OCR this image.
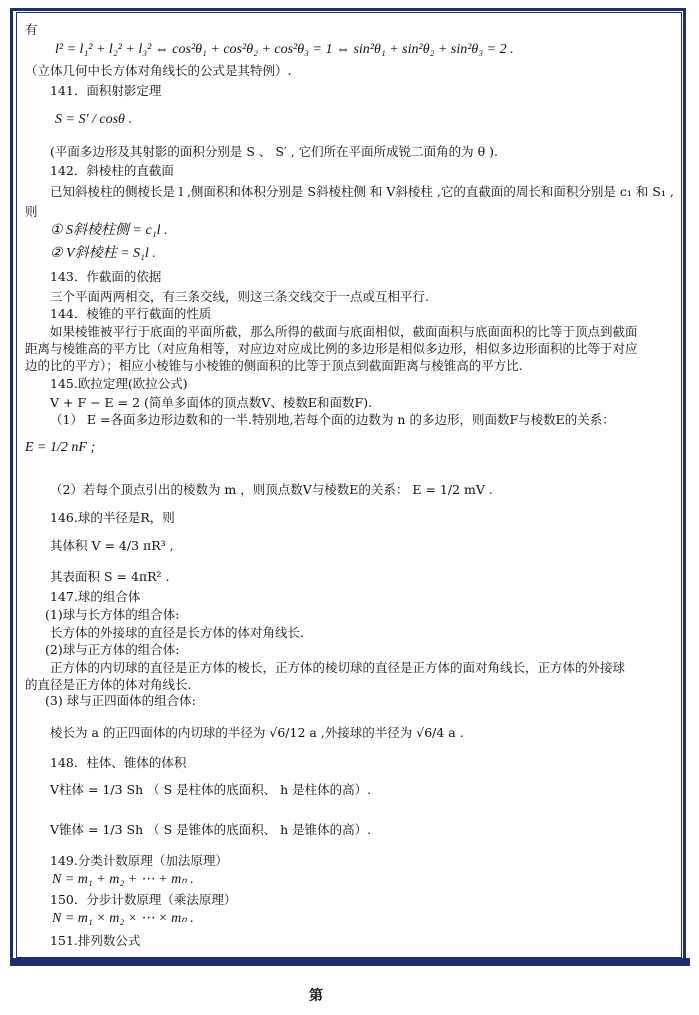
有
l² = l₁² + l₂² + l₃² ⇔ cos²θ₁ + cos²θ₂ + cos²θ₃ = 1 ⇔ sin²θ₁ + sin²θ₂ + sin²θ₃ = 2 .
（立体几何中长方体对角线长的公式是其特例）.
141．面积射影定理
S = S′ / cosθ .
(平面多边形及其射影的面积分别是 S 、 S′ , 它们所在平面所成锐二面角的为 θ ).
142．斜棱柱的直截面
已知斜棱柱的侧棱长是 l ,侧面积和体积分别是 S斜棱柱侧 和 V斜棱柱 ,它的直截面的周长和面积分别是 c₁ 和 S₁ ,
则
① S斜棱柱侧 = c₁l .
② V斜棱柱 = S₁l .
143．作截面的依据
三个平面两两相交，有三条交线，则这三条交线交于一点或互相平行.
144．棱锥的平行截面的性质
如果棱锥被平行于底面的平面所截，那么所得的截面与底面相似，截面面积与底面面积的比等于顶点到截面
距离与棱锥高的平方比（对应角相等，对应边对应成比例的多边形是相似多边形，相似多边形面积的比等于对应
边的比的平方）；相应小棱锥与小棱锥的侧面积的比等于顶点到截面距离与棱锥高的平方比.
145.欧拉定理(欧拉公式)
V + F − E = 2 (简单多面体的顶点数V、棱数E和面数F).
（1） E =各面多边形边数和的一半.特别地,若每个面的边数为 n 的多边形，则面数F与棱数E的关系：
E = 1/2 nF ;
（2）若每个顶点引出的棱数为 m ，则顶点数V与棱数E的关系： E = 1/2 mV .
146.球的半径是R，则
其体积 V = 4/3 πR³ ,
其表面积 S = 4πR² .
147.球的组合体
(1)球与长方体的组合体:
长方体的外接球的直径是长方体的体对角线长.
(2)球与正方体的组合体:
正方体的内切球的直径是正方体的棱长，正方体的棱切球的直径是正方体的面对角线长，正方体的外接球
的直径是正方体的体对角线长.
(3) 球与正四面体的组合体:
棱长为 a 的正四面体的内切球的半径为 √6/12 a ,外接球的半径为 √6/4 a .
148．柱体、锥体的体积
V柱体 = 1/3 Sh （ S 是柱体的底面积、 h 是柱体的高）.
V锥体 = 1/3 Sh （ S 是锥体的底面积、 h 是锥体的高）.
149.分类计数原理（加法原理）
N = m₁ + m₂ + ⋯ + mₙ .
150．分步计数原理（乘法原理）
N = m₁ × m₂ × ⋯ × mₙ .
151.排列数公式
第
